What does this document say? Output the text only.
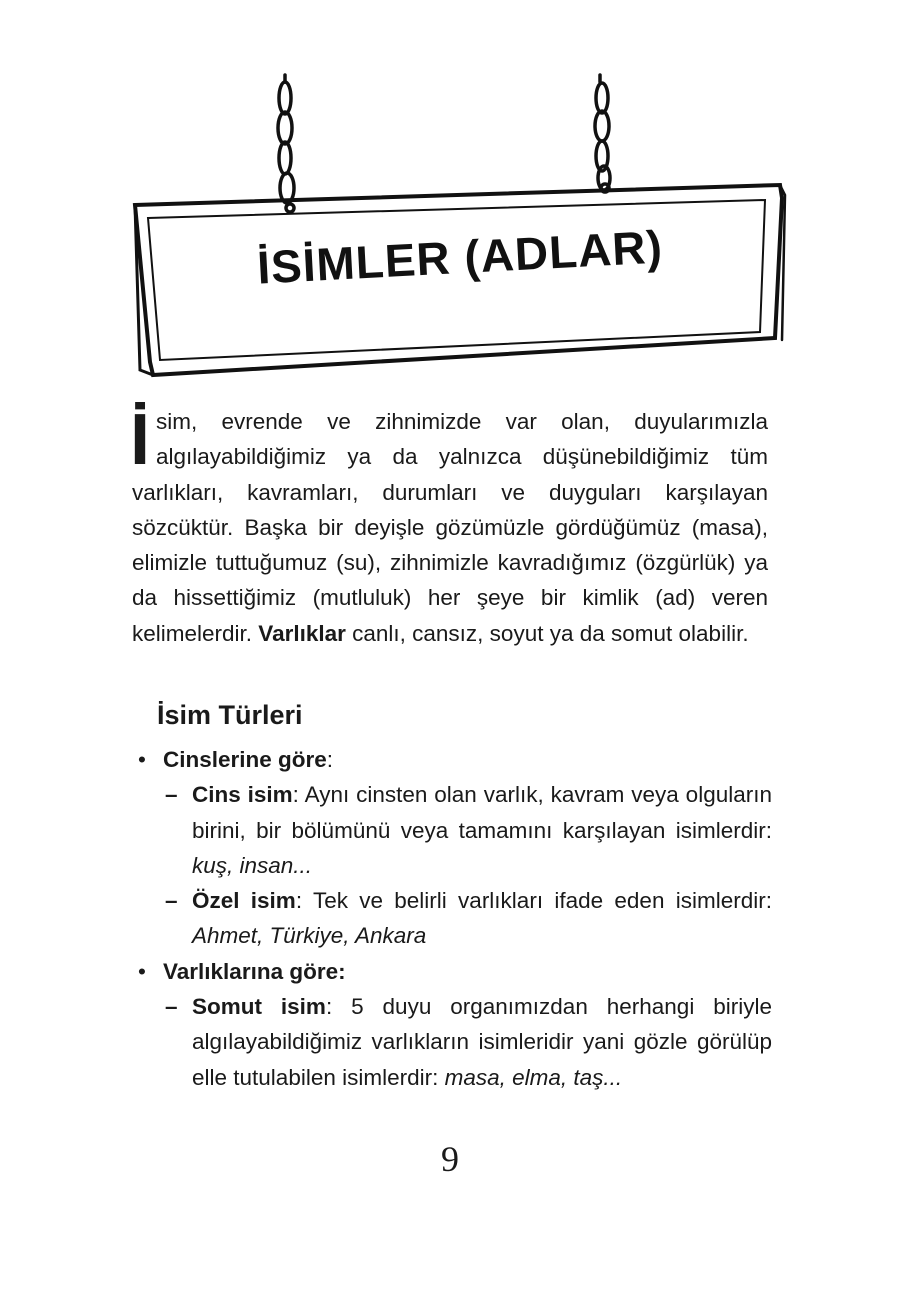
İSİMLER (ADLAR)
İsim, evrende ve zihnimizde var olan, duyularımızla algılayabildiğimiz ya da yalnızca düşünebildiğimiz tüm varlıkları, kavramları, durumları ve duyguları karşılayan sözcüktür. Başka bir deyişle gözümüzle gördüğümüz (masa), elimizle tuttuğumuz (su), zihnimizle kavradığımız (özgürlük) ya da hissettiğimiz (mutluluk) her şeye bir kimlik (ad) veren kelimelerdir. Varlıklar canlı, cansız, soyut ya da somut olabilir.
İsim Türleri
• Cinslerine göre:
– Cins isim: Aynı cinsten olan varlık, kavram veya olguların birini, bir bölümünü veya tamamını karşılayan isimlerdir: kuş, insan...
– Özel isim: Tek ve belirli varlıkları ifade eden isimlerdir: Ahmet, Türkiye, Ankara
• Varlıklarına göre:
– Somut isim: 5 duyu organımızdan herhangi biriyle algılayabildiğimiz varlıkların isimleridir yani gözle görülüp elle tutulabilen isimlerdir: masa, elma, taş...
9
